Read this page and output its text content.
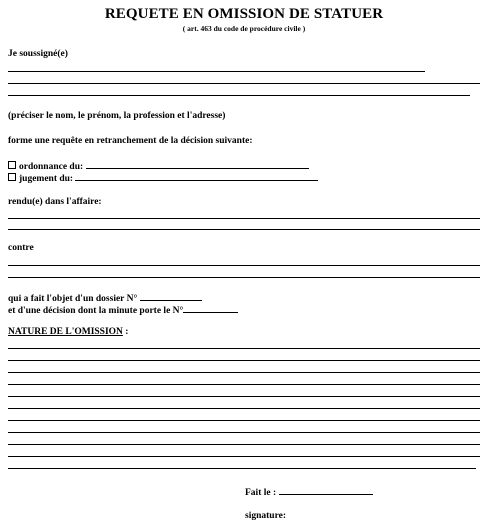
REQUETE EN OMISSION DE STATUER
( art. 463 du code de procédure civile )
Je soussigné(e)
(préciser le nom, le prénom, la profession et l'adresse)
forme une requête en retranchement de la décision suivante:
ordonnance du:
jugement du:
rendu(e) dans l'affaire:
contre
qui a fait l'objet d'un dossier N°
et d'une décision dont la minute porte le N°
NATURE DE L'OMISSION :
Fait le :
signature:
